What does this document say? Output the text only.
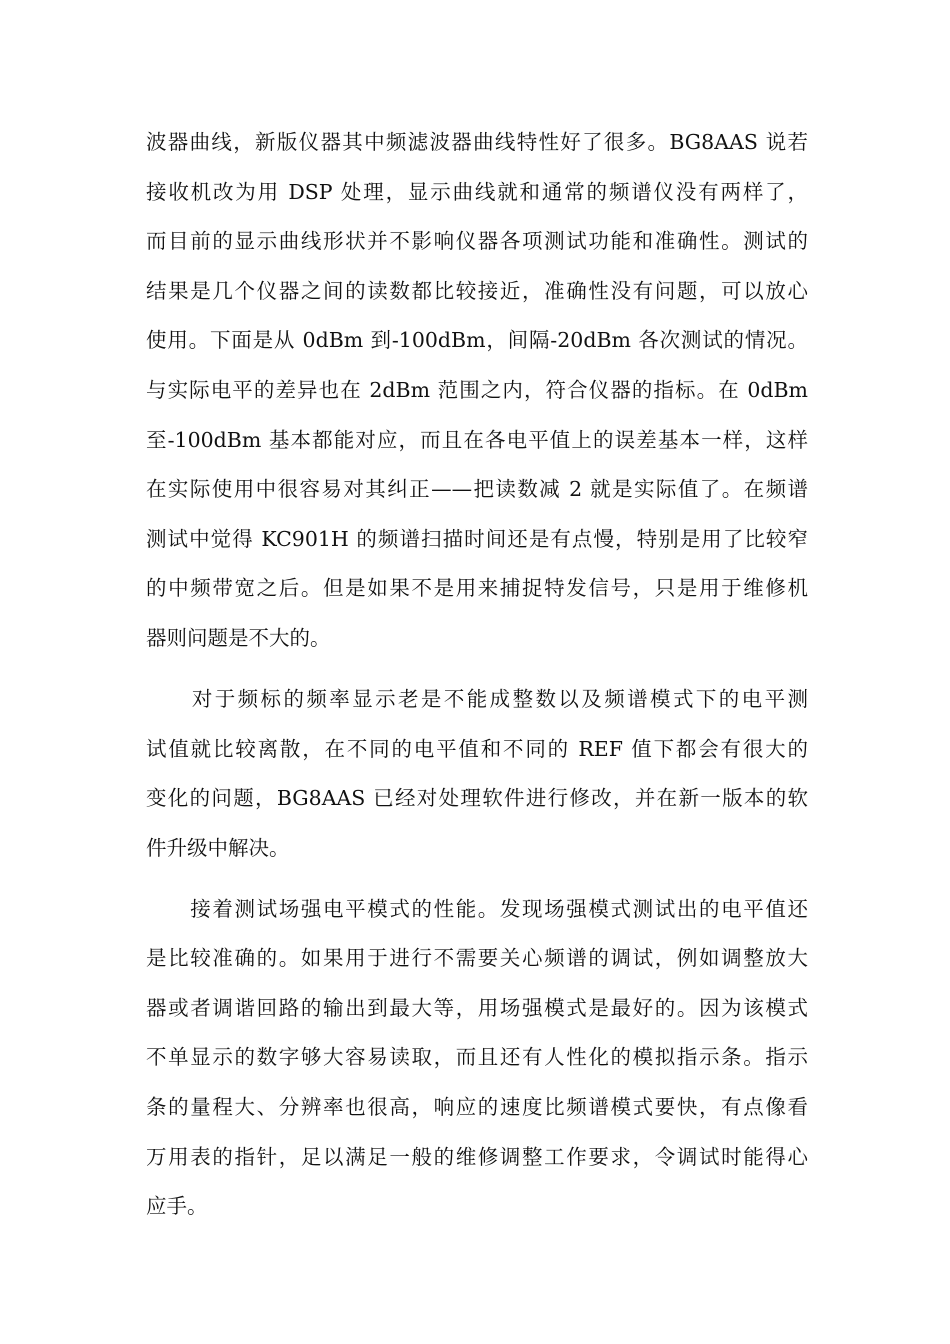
波器曲线，新版仪器其中频滤波器曲线特性好了很多。BG8AAS 说若
接收机改为用 DSP 处理，显示曲线就和通常的频谱仪没有两样了，
而目前的显示曲线形状并不影响仪器各项测试功能和准确性。测试的
结果是几个仪器之间的读数都比较接近，准确性没有问题，可以放心
使用。下面是从 0dBm 到-100dBm，间隔-20dBm 各次测试的情况。
与实际电平的差异也在 2dBm 范围之内，符合仪器的指标。在 0dBm
至-100dBm 基本都能对应，而且在各电平值上的误差基本一样，这样
在实际使用中很容易对其纠正——把读数减 2 就是实际值了。在频谱
测试中觉得 KC901H 的频谱扫描时间还是有点慢，特别是用了比较窄
的中频带宽之后。但是如果不是用来捕捉特发信号，只是用于维修机
器则问题是不大的。
　　对于频标的频率显示老是不能成整数以及频谱模式下的电平测
试值就比较离散，在不同的电平值和不同的 REF 值下都会有很大的
变化的问题，BG8AAS 已经对处理软件进行修改，并在新一版本的软
件升级中解决。
　　接着测试场强电平模式的性能。发现场强模式测试出的电平值还
是比较准确的。如果用于进行不需要关心频谱的调试，例如调整放大
器或者调谐回路的输出到最大等，用场强模式是最好的。因为该模式
不单显示的数字够大容易读取，而且还有人性化的模拟指示条。指示
条的量程大、分辨率也很高，响应的速度比频谱模式要快，有点像看
万用表的指针，足以满足一般的维修调整工作要求，令调试时能得心
应手。
